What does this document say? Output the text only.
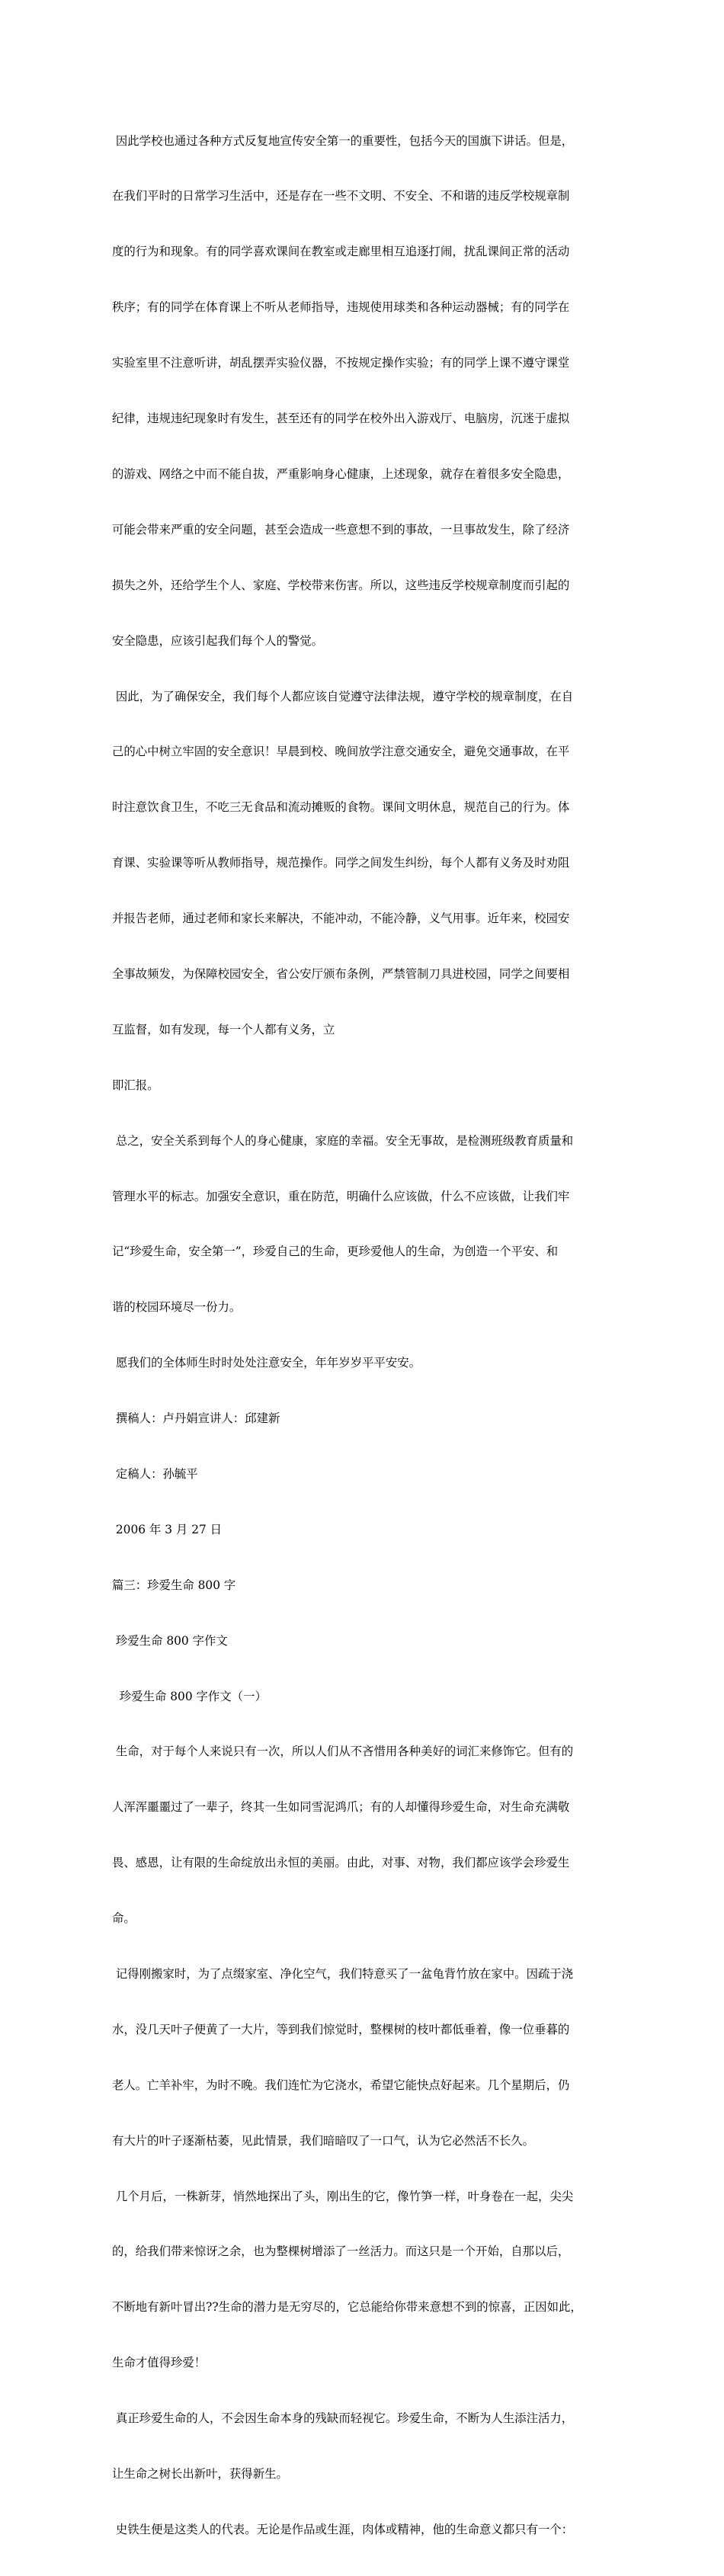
因此学校也通过各种方式反复地宣传安全第一的重要性，包括今天的国旗下讲话。但是，

在我们平时的日常学习生活中，还是存在一些不文明、不安全、不和谐的违反学校规章制

度的行为和现象。有的同学喜欢课间在教室或走廊里相互追逐打闹，扰乱课间正常的活动

秩序；有的同学在体育课上不听从老师指导，违规使用球类和各种运动器械；有的同学在

实验室里不注意听讲，胡乱摆弄实验仪器，不按规定操作实验；有的同学上课不遵守课堂

纪律，违规违纪现象时有发生，甚至还有的同学在校外出入游戏厅、电脑房，沉迷于虚拟

的游戏、网络之中而不能自拔，严重影响身心健康，上述现象，就存在着很多安全隐患，

可能会带来严重的安全问题，甚至会造成一些意想不到的事故，一旦事故发生，除了经济

损失之外，还给学生个人、家庭、学校带来伤害。所以，这些违反学校规章制度而引起的

安全隐患，应该引起我们每个人的警觉。

因此，为了确保安全，我们每个人都应该自觉遵守法律法规，遵守学校的规章制度，在自

己的心中树立牢固的安全意识！早晨到校、晚间放学注意交通安全，避免交通事故，在平

时注意饮食卫生，不吃三无食品和流动摊贩的食物。课间文明休息，规范自己的行为。体

育课、实验课等听从教师指导，规范操作。同学之间发生纠纷，每个人都有义务及时劝阻

并报告老师，通过老师和家长来解决，不能冲动，不能冷静，义气用事。近年来，校园安

全事故频发，为保障校园安全，省公安厅颁布条例，严禁管制刀具进校园，同学之间要相

互监督，如有发现，每一个人都有义务，立

即汇报。

总之，安全关系到每个人的身心健康，家庭的幸福。安全无事故，是检测班级教育质量和

管理水平的标志。加强安全意识，重在防范，明确什么应该做，什么不应该做，让我们牢

记“珍爱生命，安全第一”，珍爱自己的生命，更珍爱他人的生命，为创造一个平安、和

谐的校园环境尽一份力。

愿我们的全体师生时时处处注意安全，年年岁岁平平安安。

撰稿人：卢丹娟宣讲人：邱建新

定稿人：孙毓平

2006 年 3 月 27 日

篇三：珍爱生命 800 字

珍爱生命 800 字作文

珍爱生命 800 字作文（一）

生命，对于每个人来说只有一次，所以人们从不吝惜用各种美好的词汇来修饰它。但有的

人浑浑噩噩过了一辈子，终其一生如同雪泥鸿爪；有的人却懂得珍爱生命，对生命充满敬

畏、感恩，让有限的生命绽放出永恒的美丽。由此，对事、对物，我们都应该学会珍爱生

命。

记得刚搬家时，为了点缀家室、净化空气，我们特意买了一盆龟背竹放在家中。因疏于浇

水，没几天叶子便黄了一大片，等到我们惊觉时，整棵树的枝叶都低垂着，像一位垂暮的

老人。亡羊补牢，为时不晚。我们连忙为它浇水，希望它能快点好起来。几个星期后，仍

有大片的叶子逐渐枯萎，见此情景，我们暗暗叹了一口气，认为它必然活不长久。

几个月后，一株新芽，悄然地探出了头，刚出生的它，像竹笋一样，叶身卷在一起，尖尖

的，给我们带来惊讶之余，也为整棵树增添了一丝活力。而这只是一个开始，自那以后，

不断地有新叶冒出??生命的潜力是无穷尽的，它总能给你带来意想不到的惊喜，正因如此，

生命才值得珍爱！

真正珍爱生命的人，不会因生命本身的残缺而轻视它。珍爱生命，不断为人生添注活力，

让生命之树长出新叶，获得新生。

史铁生便是这类人的代表。无论是作品或生涯，肉体或精神，他的生命意义都只有一个：
